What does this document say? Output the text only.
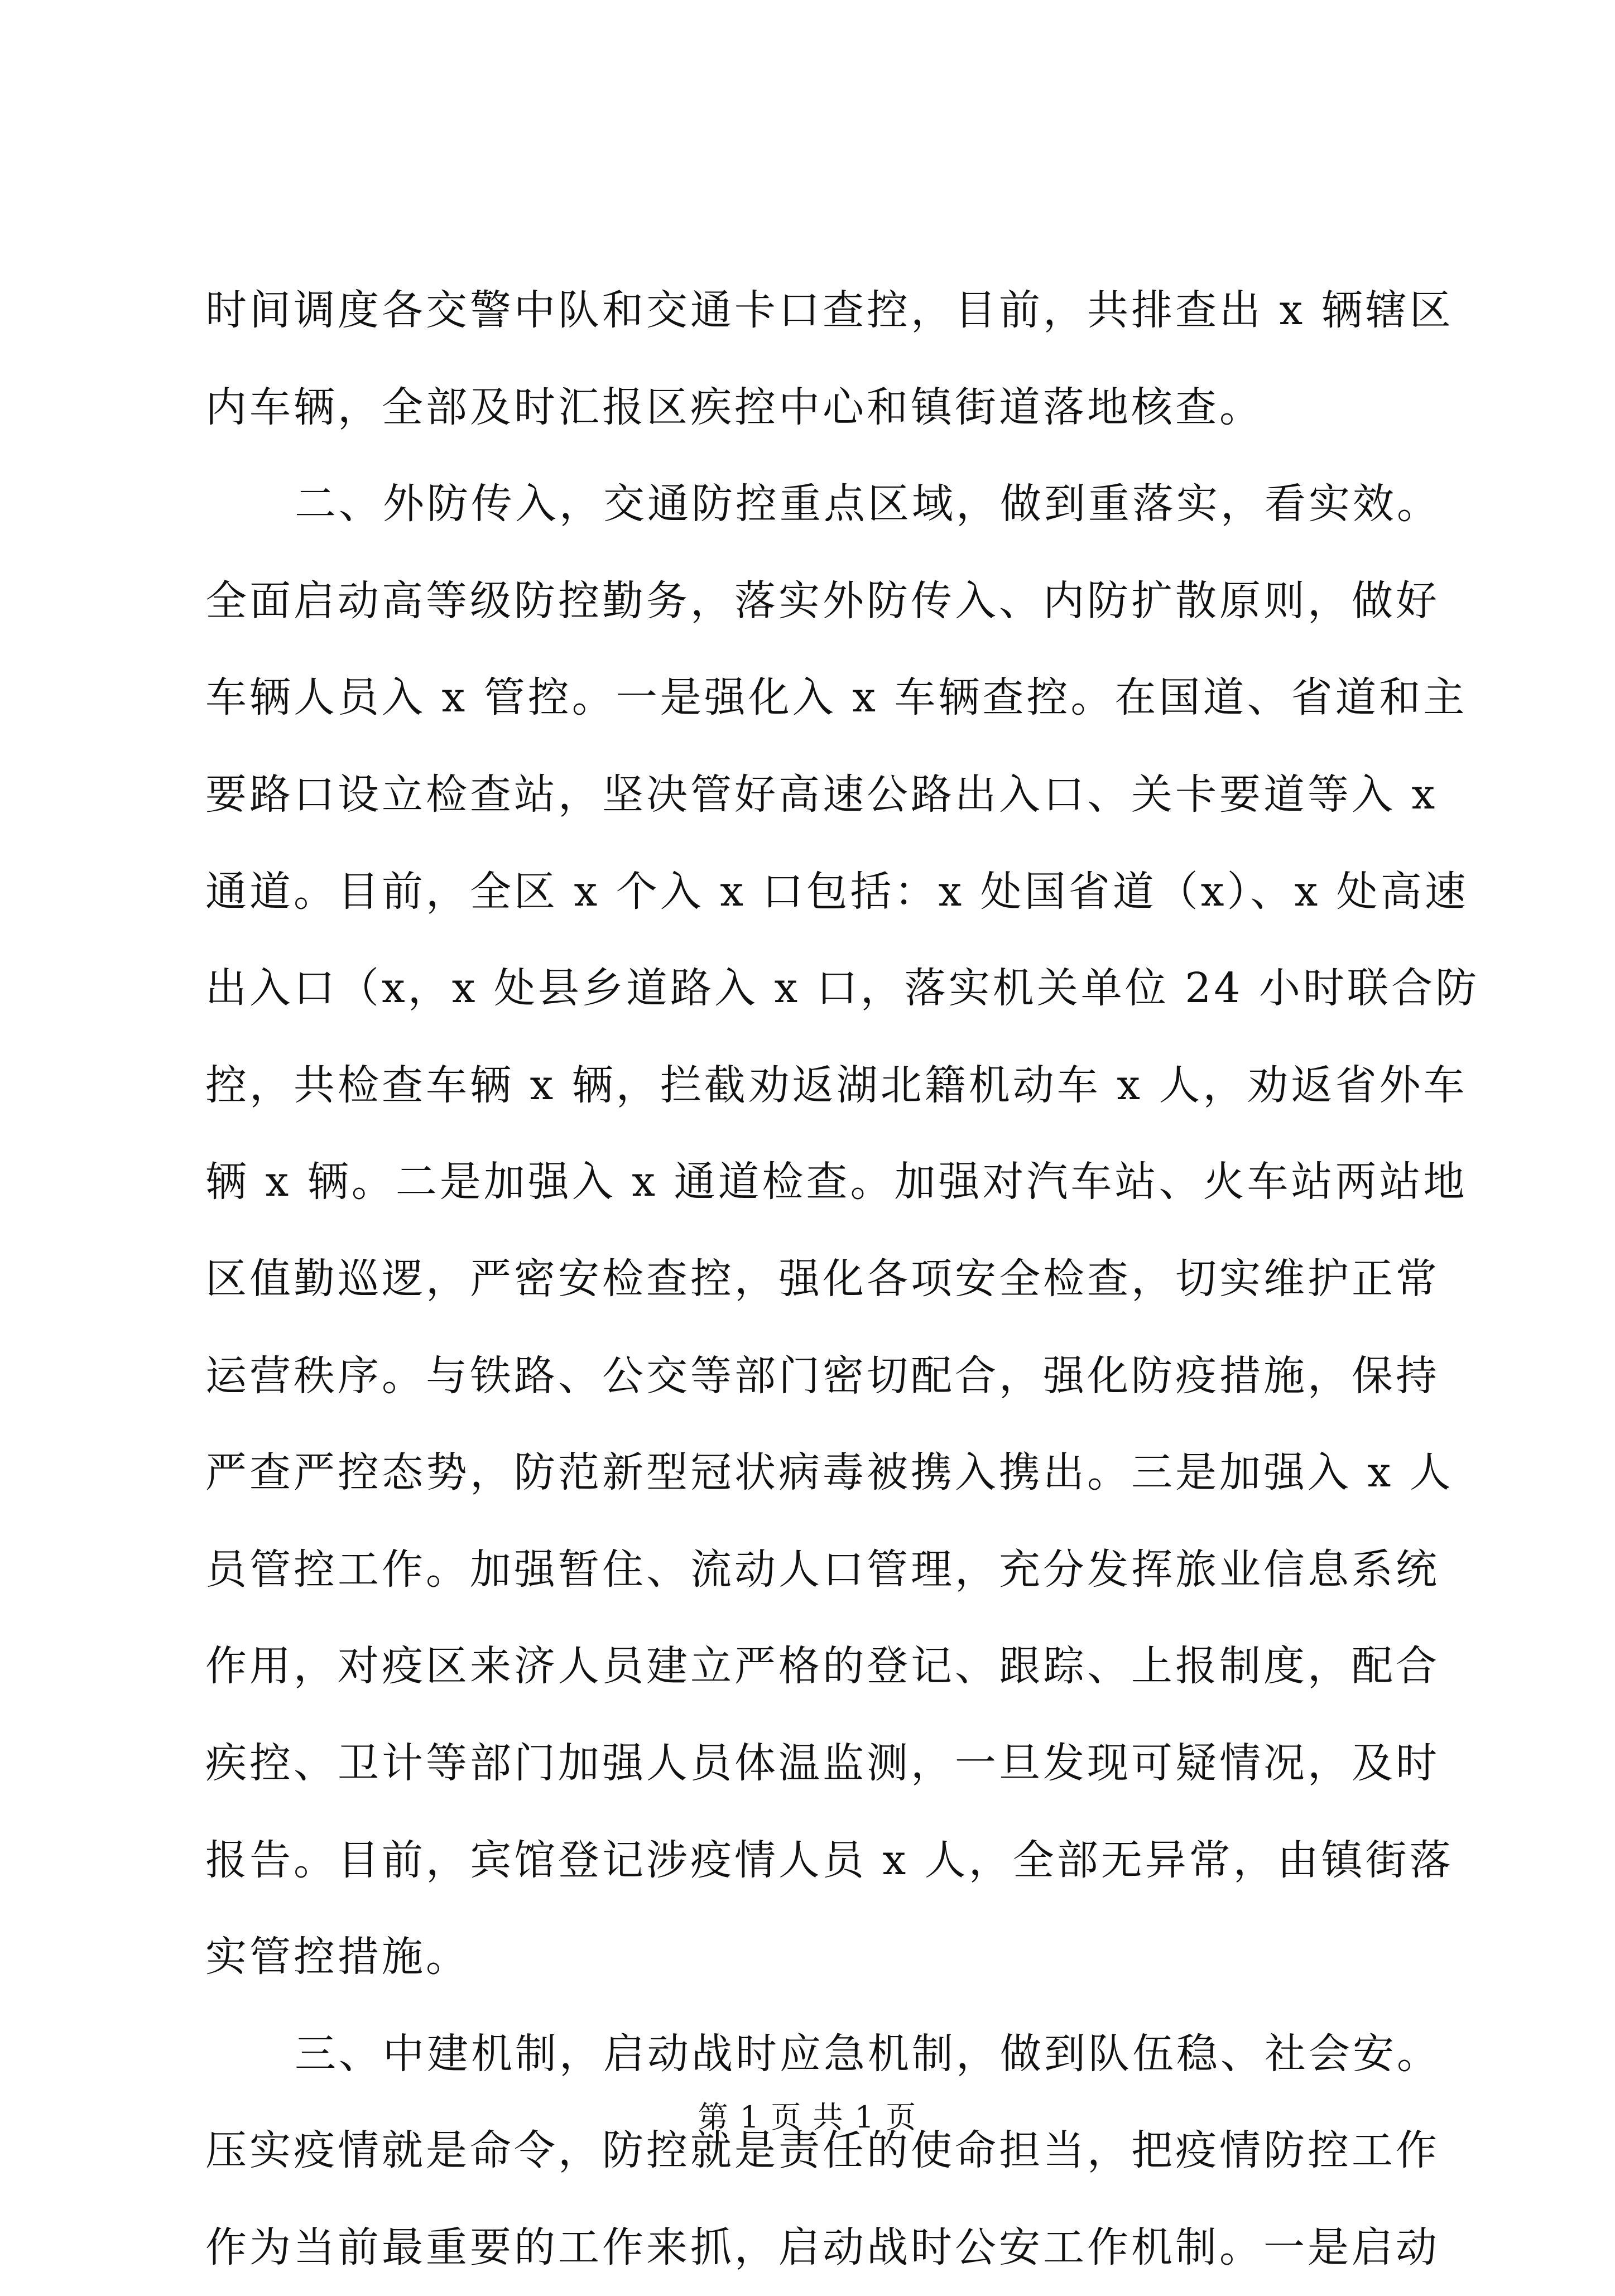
时间调度各交警中队和交通卡口查控，目前，共排查出 x 辆辖区
内车辆，全部及时汇报区疾控中心和镇街道落地核查。
二、外防传入，交通防控重点区域，做到重落实，看实效。
全面启动高等级防控勤务，落实外防传入、内防扩散原则，做好
车辆人员入 x 管控。一是强化入 x 车辆查控。在国道、省道和主
要路口设立检查站，坚决管好高速公路出入口、关卡要道等入 x
通道。目前，全区 x 个入 x 口包括：x 处国省道（x）、x 处高速
出入口（x，x 处县乡道路入 x 口，落实机关单位 24 小时联合防
控，共检查车辆 x 辆，拦截劝返湖北籍机动车 x 人，劝返省外车
辆 x 辆。二是加强入 x 通道检查。加强对汽车站、火车站两站地
区值勤巡逻，严密安检查控，强化各项安全检查，切实维护正常
运营秩序。与铁路、公交等部门密切配合，强化防疫措施，保持
严查严控态势，防范新型冠状病毒被携入携出。三是加强入 x 人
员管控工作。加强暂住、流动人口管理，充分发挥旅业信息系统
作用，对疫区来济人员建立严格的登记、跟踪、上报制度，配合
疾控、卫计等部门加强人员体温监测，一旦发现可疑情况，及时
报告。目前，宾馆登记涉疫情人员 x 人，全部无异常，由镇街落
实管控措施。
三、中建机制，启动战时应急机制，做到队伍稳、社会安。
压实疫情就是命令，防控就是责任的使命担当，把疫情防控工作
作为当前最重要的工作来抓，启动战时公安工作机制。一是启动
第 1 页 共 1 页
